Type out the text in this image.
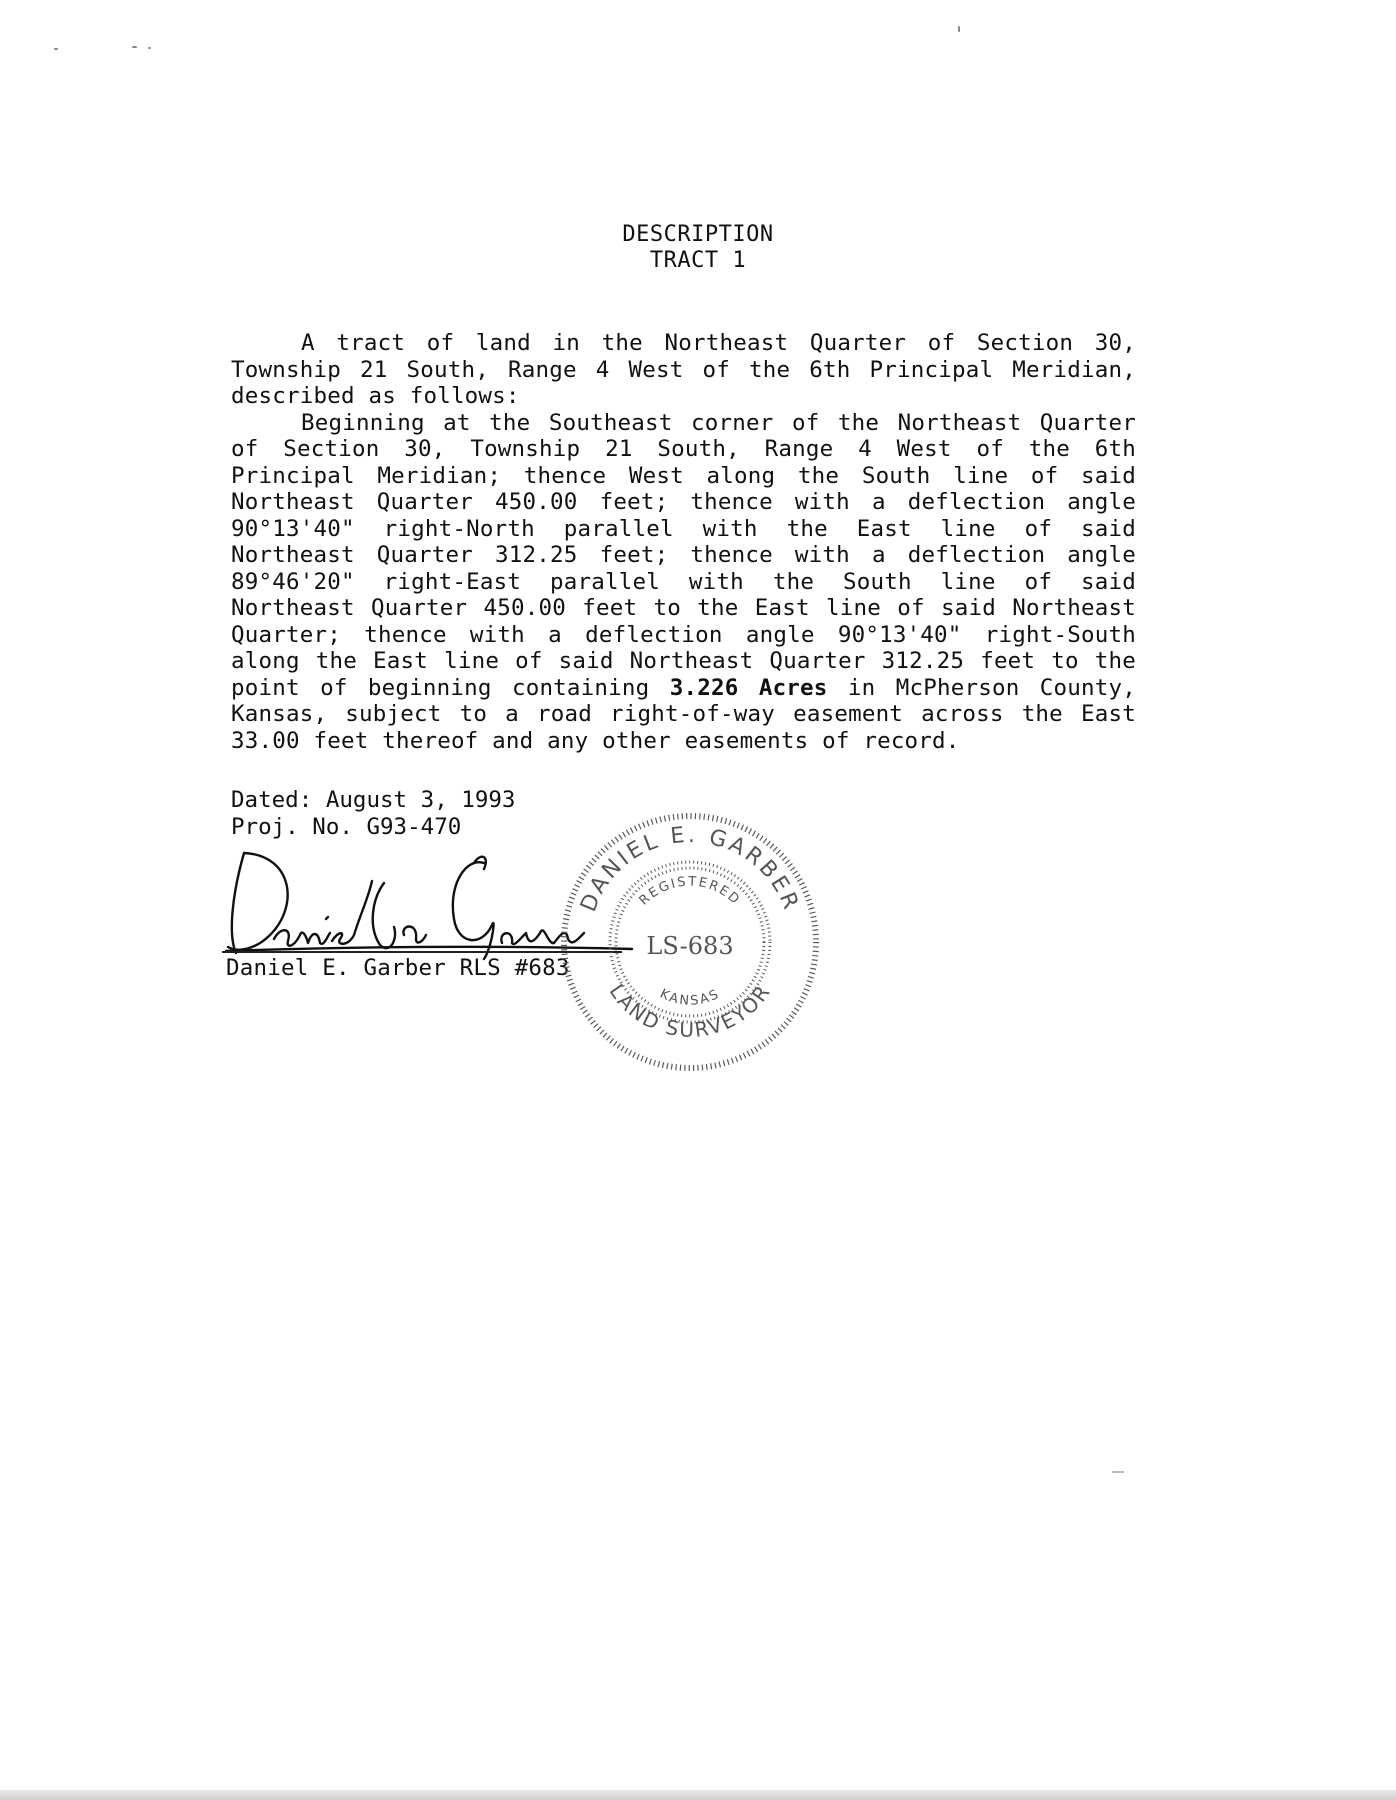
DESCRIPTION
TRACT 1

A tract of land in the Northeast Quarter of Section 30, Township 21 South, Range 4 West of the 6th Principal Meridian, described as follows:

Beginning at the Southeast corner of the Northeast Quarter of Section 30, Township 21 South, Range 4 West of the 6th Principal Meridian; thence West along the South line of said Northeast Quarter 450.00 feet; thence with a deflection angle 90°13'40" right-North parallel with the East line of said Northeast Quarter 312.25 feet; thence with a deflection angle 89°46'20" right-East parallel with the South line of said Northeast Quarter 450.00 feet to the East line of said Northeast Quarter; thence with a deflection angle 90°13'40" right-South along the East line of said Northeast Quarter 312.25 feet to the point of beginning containing 3.226 Acres in McPherson County, Kansas, subject to a road right-of-way easement across the East 33.00 feet thereof and any other easements of record.

Dated: August 3, 1993
Proj. No. G93-470
Daniel E. Garber RLS #683
DANIEL E. GARBER
LAND SURVEYOR
REGISTERED
KANSAS
LS-683
